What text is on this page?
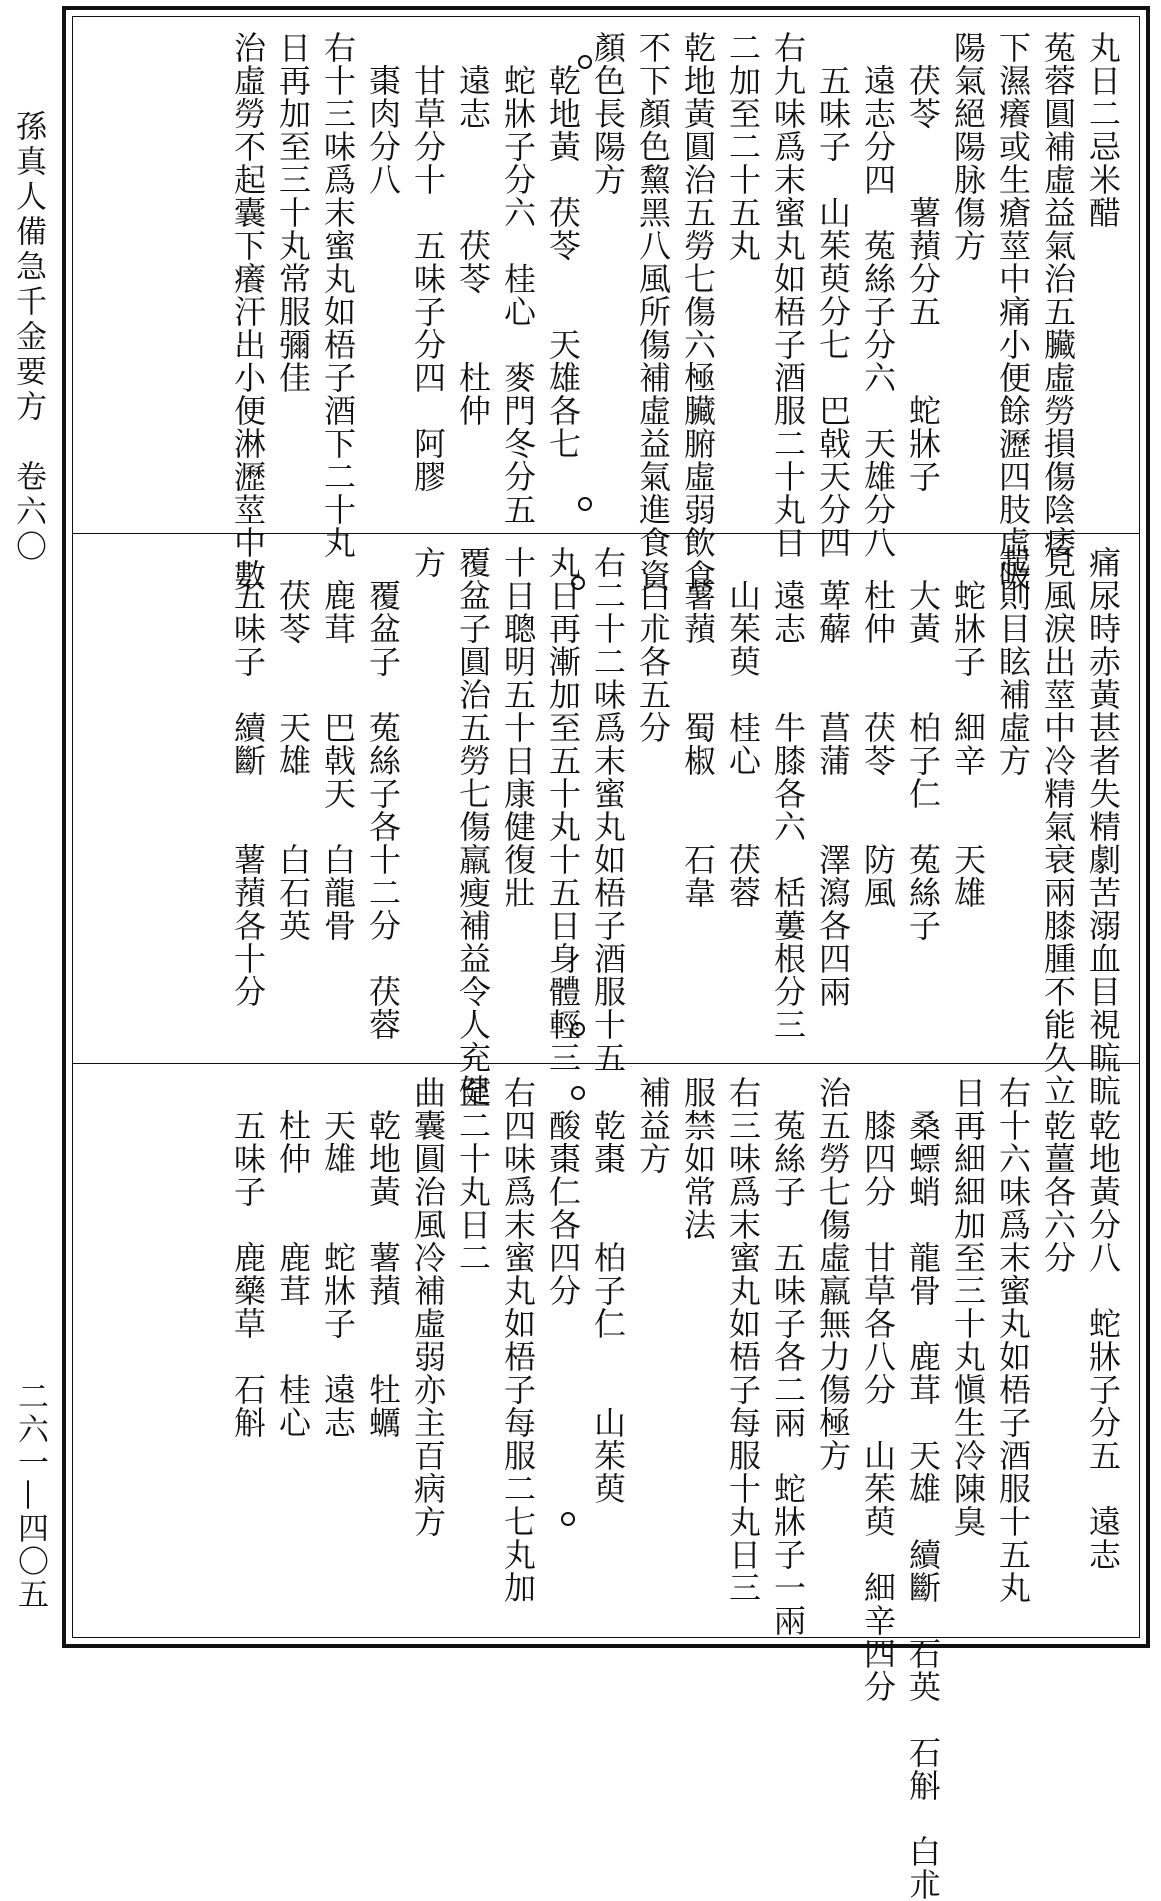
孫真人備急千金要方　卷六〇
二六一—四〇五
丸日二忌米醋
菟蓉圓補虛益氣治五臟虛勞損傷陰痿
下濕癢或生瘡莖中痛小便餘瀝四肢虛吸
陽氣絕陽脉傷方
　茯苓　　薯蕷分五　　蛇牀子
　遠志分四　菟絲子分六　天雄分八
　五味子　山茱萸分七　巴戟天分四
右九味爲末蜜丸如梧子酒服二十丸日
二加至二十五丸
乾地黃圓治五勞七傷六極臟腑虛弱飲食
不下顏色黧黑八風所傷補虛益氣進食資
顏色長陽方
　乾地黃　茯苓　　天雄各七
　蛇牀子分六　桂心　麥門冬分五
　遠志　　　茯苓　　杜仲
　甘草分十　五味子分四　阿膠
　棗肉分八
右十三味爲末蜜丸如梧子酒下二十丸
日再加至三十丸常服彌佳
治虛勞不起囊下癢汗出小便淋瀝莖中數
痛尿時赤黃甚者失精劇苦溺血目視䀮䀮
見風淚出莖中冷精氣衰兩膝腫不能久立
起則目眩補虛方
　蛇牀子　細辛　　天雄
　大黃　　柏子仁　菟絲子
　杜仲　　茯苓　　防風
　萆薢　　菖蒲　　澤瀉各四兩
　遠志　　牛膝各六　栝蔞根分三
　山茱萸　桂心　　茯蓉
　薯蕷　　蜀椒　　石韋
　白朮各五分
右二十二味爲末蜜丸如梧子酒服十五
丸日再漸加至五十丸十五日身體輕三
十日聰明五十日康健復壯
覆盆子圓治五勞七傷羸瘦補益令人充健
方
　覆盆子　菟絲子各十二分　茯蓉
　鹿茸　　巴戟天　白龍骨
　茯苓　　天雄　　白石英
　五味子　續斷　　薯蕷各十分
　乾地黃分八　蛇牀子分五　遠志
　乾薑各六分
右十六味爲末蜜丸如梧子酒服十五丸
日再細細加至三十丸愼生冷陳臭
　桑螵蛸　龍骨　鹿茸　天雄　續斷　石英　石斛　白朮
　膝四分　甘草各八分　山茱萸　細辛四分
治五勞七傷虛羸無力傷極方
　菟絲子　五味子各二兩　蛇牀子一兩
右三味爲末蜜丸如梧子每服十丸日三
服禁如常法
補益方
　乾棗　　柏子仁　　山茱萸
　酸棗仁各四分
右四味爲末蜜丸如梧子每服二七丸加
至二十丸日二
曲囊圓治風冷補虛弱亦主百病方
　乾地黃　薯蕷　　牡蠣
　天雄　　蛇牀子　遠志
　杜仲　　鹿茸　　桂心
　五味子　鹿藥草　石斛
